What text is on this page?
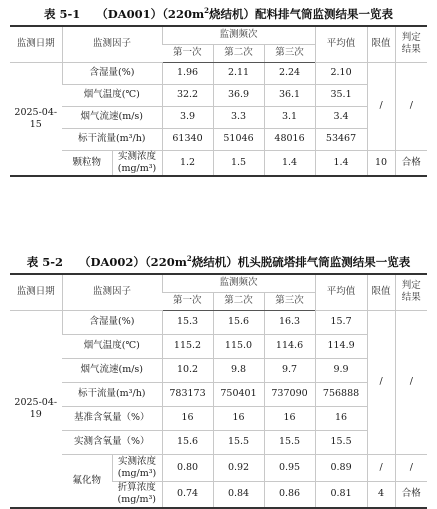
表 5-1 $(DA001)(220m^2$烧结机）配料排气筒监测结果一览表
监测日期	监测因子		监测频次			平均值	限值	判定结果
			第一次	第二次	第三次			
2025-04-15	含湿量(%)		1.96	2.11	2.24	2.10	/	/
	烟气温度(℃)		32.2	36.9	36.1	35.1		
	烟气流速(m/s)		3.9	3.3	3.1	3.4		
	标干流量(m³/h)		61340	51046	48016	53467		
	颗粒物	实测浓度
(mg/m³)	1.2	1.5	1.4	1.4	10	合格
表 5-2 $(DA002)(220m^2$烧结机）机头脱硫塔排气筒监测结果一览表
监测日期	监测因子		监测频次			平均值	限值	判定结果
			第一次	第二次	第三次			
2025-04-19	含湿量(%)		15.3	15.6	16.3	15.7	/	/
	烟气温度(℃)		115.2	115.0	114.6	114.9		
	烟气流速(m/s)		10.2	9.8	9.7	9.9		
	标干流量(m³/h)		783173	750401	737090	756888		
	基准含氧量（%）		16	16	16	16		
	实测含氧量（%）		15.6	15.5	15.5	15.5		
	氟化物	实测浓度
(mg/m³)	0.80	0.92	0.95	0.89	/	/
		折算浓度
(mg/m³)	0.74	0.84	0.86	0.81	4	合格
